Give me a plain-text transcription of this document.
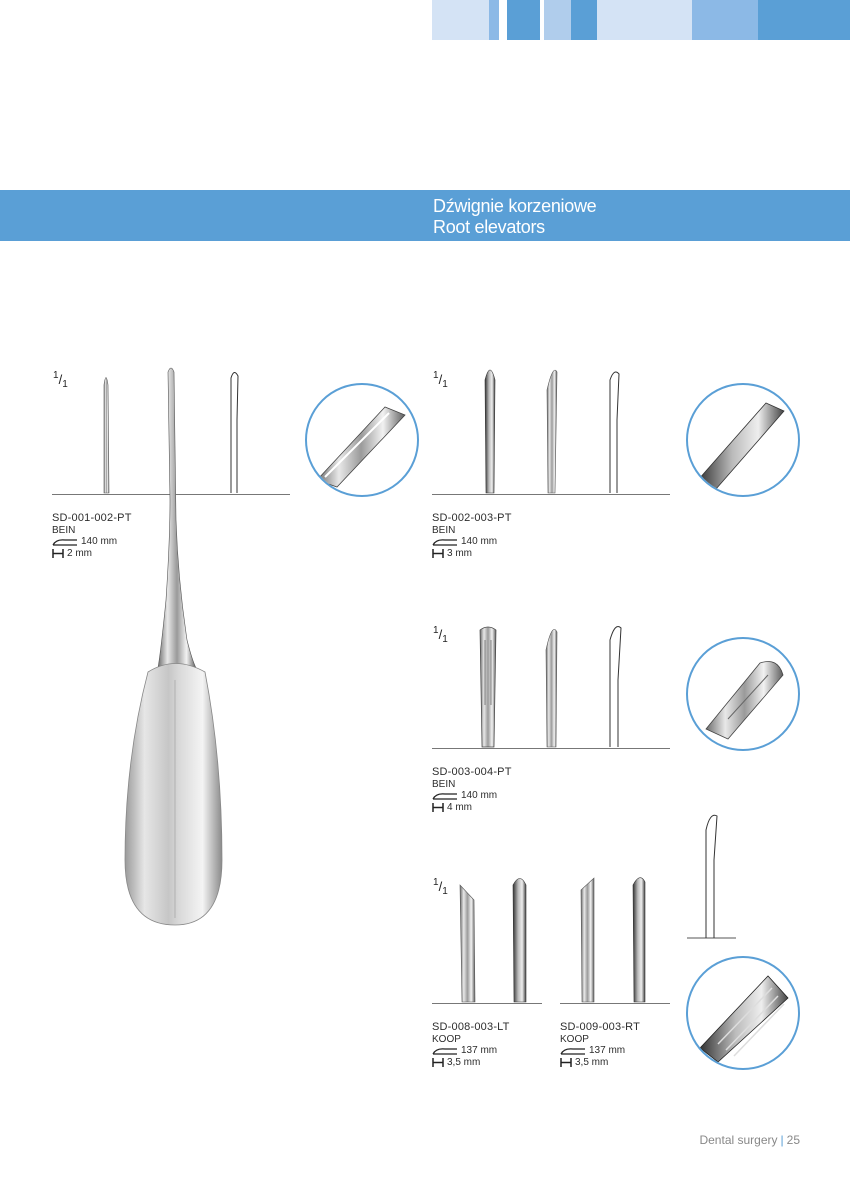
Dźwignie korzeniowe
Root elevators
$^1/_1$
$^1/_1$
$^1/_1$
$^1/_1$
SD-001-002-PT
BEIN
140 mm
2 mm
SD-002-003-PT
BEIN
140 mm
3 mm
SD-003-004-PT
BEIN
140 mm
4 mm
SD-008-003-LT
KOOP
137 mm
3,5 mm
SD-009-003-RT
KOOP
137 mm
3,5 mm
Dental surgery | 25
